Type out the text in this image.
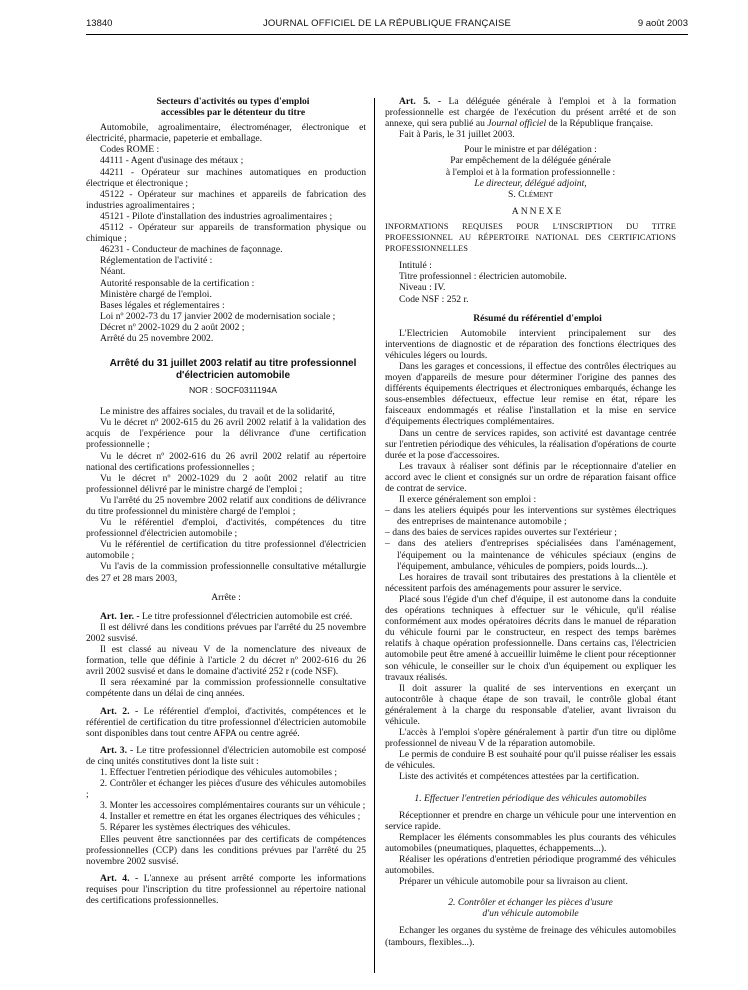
13840	JOURNAL OFFICIEL DE LA RÉPUBLIQUE FRANÇAISE	9 août 2003

Secteurs d'activités ou types d'emploi

accessibles par le détenteur du titre

Automobile, agroalimentaire, électroménager, électronique et électricité, pharmacie, papeterie et emballage.

Codes ROME :

44111 - Agent d'usinage des métaux ;

44211 - Opérateur sur machines automatiques en production électrique et électronique ;

45122 - Opérateur sur machines et appareils de fabrication des industries agroalimentaires ;

45121 - Pilote d'installation des industries agroalimentaires ;

45112 - Opérateur sur appareils de transformation physique ou chimique ;

46231 - Conducteur de machines de façonnage.

Réglementation de l'activité :

Néant.

Autorité responsable de la certification :

Ministère chargé de l'emploi.

Bases légales et réglementaires :

Loi nº 2002-73 du 17 janvier 2002 de modernisation sociale ;

Décret nº 2002-1029 du 2 août 2002 ;

Arrêté du 25 novembre 2002.

Arrêté du 31 juillet 2003 relatif au titre professionnel

d'électricien automobile

NOR : SOCF0311194A

Le ministre des affaires sociales, du travail et de la solidarité,

Vu le décret nº 2002-615 du 26 avril 2002 relatif à la validation des acquis de l'expérience pour la délivrance d'une certification professionnelle ;

Vu le décret nº 2002-616 du 26 avril 2002 relatif au répertoire national des certifications professionnelles ;

Vu le décret nº 2002-1029 du 2 août 2002 relatif au titre professionnel délivré par le ministre chargé de l'emploi ;

Vu l'arrêté du 25 novembre 2002 relatif aux conditions de délivrance du titre professionnel du ministère chargé de l'emploi ;

Vu le référentiel d'emploi, d'activités, compétences du titre professionnel d'électricien automobile ;

Vu le référentiel de certification du titre professionnel d'électricien automobile ;

Vu l'avis de la commission professionnelle consultative métallurgie des 27 et 28 mars 2003,

Arrête :

Art. 1er. - Le titre professionnel d'électricien automobile est créé.

Il est délivré dans les conditions prévues par l'arrêté du 25 novembre 2002 susvisé.

Il est classé au niveau V de la nomenclature des niveaux de formation, telle que définie à l'article 2 du décret nº 2002-616 du 26 avril 2002 susvisé et dans le domaine d'activité 252 r (code NSF).

Il sera réexaminé par la commission professionnelle consultative compétente dans un délai de cinq années.

Art. 2. - Le référentiel d'emploi, d'activités, compétences et le référentiel de certification du titre professionnel d'électricien automobile sont disponibles dans tout centre AFPA ou centre agréé.

Art. 3. - Le titre professionnel d'électricien automobile est composé de cinq unités constitutives dont la liste suit :

1. Effectuer l'entretien périodique des véhicules automobiles ;

2. Contrôler et échanger les pièces d'usure des véhicules automobiles ;

3. Monter les accessoires complémentaires courants sur un véhicule ;

4. Installer et remettre en état les organes électriques des véhicules ;

5. Réparer les systèmes électriques des véhicules.

Elles peuvent être sanctionnées par des certificats de compétences professionnelles (CCP) dans les conditions prévues par l'arrêté du 25 novembre 2002 susvisé.

Art. 4. - L'annexe au présent arrêté comporte les informations requises pour l'inscription du titre professionnel au répertoire national des certifications professionnelles.

Art. 5. - La déléguée générale à l'emploi et à la formation professionnelle est chargée de l'exécution du présent arrêté et de son annexe, qui sera publié au Journal officiel de la République française.

Fait à Paris, le 31 juillet 2003.

Pour le ministre et par délégation :

Par empêchement de la déléguée générale

à l'emploi et à la formation professionnelle :

Le directeur, délégué adjoint,

S. Clément

ANNEXE

INFORMATIONS REQUISES POUR L'INSCRIPTION DU TITRE PROFESSIONNEL AU RÉPERTOIRE NATIONAL DES CERTIFICATIONS PROFESSIONNELLES

Intitulé :

Titre professionnel : électricien automobile.

Niveau : IV.

Code NSF : 252 r.

Résumé du référentiel d'emploi

L'Electricien Automobile intervient principalement sur des interventions de diagnostic et de réparation des fonctions électriques des véhicules légers ou lourds.

Dans les garages et concessions, il effectue des contrôles électriques au moyen d'appareils de mesure pour déterminer l'origine des pannes des différents équipements électriques et électroniques embarqués, échange les sous-ensembles défectueux, effectue leur remise en état, répare les faisceaux endommagés et réalise l'installation et la mise en service d'équipements électriques complémentaires.

Dans un centre de services rapides, son activité est davantage centrée sur l'entretien périodique des véhicules, la réalisation d'opérations de courte durée et la pose d'accessoires.

Les travaux à réaliser sont définis par le réceptionnaire d'atelier en accord avec le client et consignés sur un ordre de réparation faisant office de contrat de service.

Il exerce généralement son emploi :

– dans les ateliers équipés pour les interventions sur systèmes électriques des entreprises de maintenance automobile ;

– dans des baies de services rapides ouvertes sur l'extérieur ;

– dans des ateliers d'entreprises spécialisées dans l'aménagement, l'équipement ou la maintenance de véhicules spéciaux (engins de l'équipement, ambulance, véhicules de pompiers, poids lourds...).

Les horaires de travail sont tributaires des prestations à la clientèle et nécessitent parfois des aménagements pour assurer le service.

Placé sous l'égide d'un chef d'équipe, il est autonome dans la conduite des opérations techniques à effectuer sur le véhicule, qu'il réalise conformément aux modes opératoires décrits dans le manuel de réparation du véhicule fourni par le constructeur, en respect des temps barèmes relatifs à chaque opération professionnelle. Dans certains cas, l'électricien automobile peut être amené à accueillir luimême le client pour réceptionner son véhicule, le conseiller sur le choix d'un équipement ou expliquer les travaux réalisés.

Il doit assurer la qualité de ses interventions en exerçant un autocontrôle à chaque étape de son travail, le contrôle global étant généralement à la charge du responsable d'atelier, avant livraison du véhicule.

L'accès à l'emploi s'opère généralement à partir d'un titre ou diplôme professionnel de niveau V de la réparation automobile.

Le permis de conduire B est souhaité pour qu'il puisse réaliser les essais de véhicules.

Liste des activités et compétences attestées par la certification.

1. Effectuer l'entretien périodique des véhicules automobiles

Réceptionner et prendre en charge un véhicule pour une intervention en service rapide.

Remplacer les éléments consommables les plus courants des véhicules automobiles (pneumatiques, plaquettes, échappements...).

Réaliser les opérations d'entretien périodique programmé des véhicules automobiles.

Préparer un véhicule automobile pour sa livraison au client.

2. Contrôler et échanger les pièces d'usure

d'un véhicule automobile

Echanger les organes du système de freinage des véhicules automobiles (tambours, flexibles...).
